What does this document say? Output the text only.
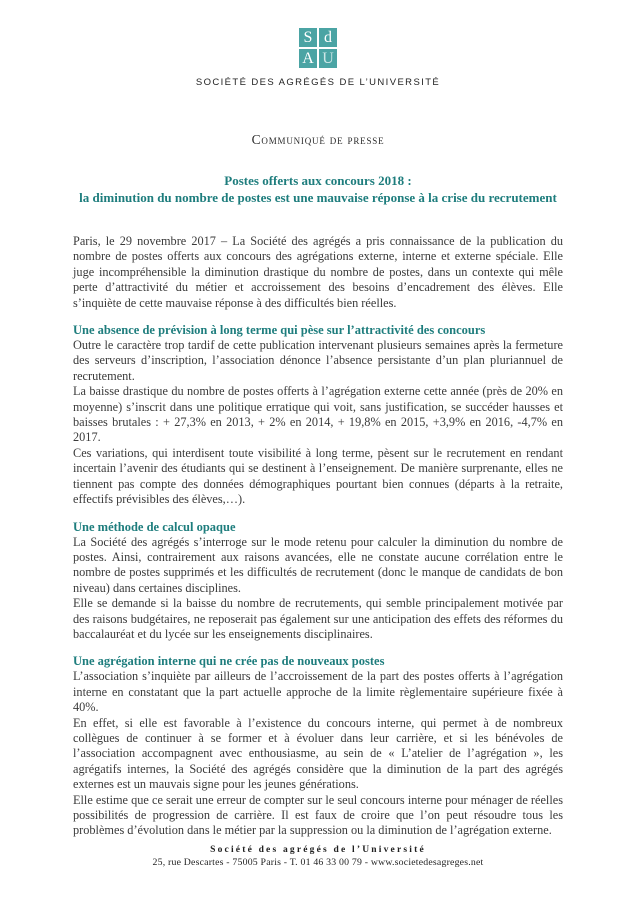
S d
A U
SOCIÉTÉ DES AGRÉGÉS DE L’UNIVERSITÉ
Communiqué de presse
Postes offerts aux concours 2018 :
la diminution du nombre de postes est une mauvaise réponse à la crise du recrutement

Paris, le 29 novembre 2017 – La Société des agrégés a pris connaissance de la publication du nombre de postes offerts aux concours des agrégations externe, interne et externe spéciale. Elle juge incompréhensible la diminution drastique du nombre de postes, dans un contexte qui mêle perte d’attractivité du métier et accroissement des besoins d’encadrement des élèves. Elle s’inquiète de cette mauvaise réponse à des difficultés bien réelles.

Une absence de prévision à long terme qui pèse sur l’attractivité des concours

Outre le caractère trop tardif de cette publication intervenant plusieurs semaines après la fermeture des serveurs d’inscription, l’association dénonce l’absence persistante d’un plan pluriannuel de recrutement.

La baisse drastique du nombre de postes offerts à l’agrégation externe cette année (près de 20% en moyenne) s’inscrit dans une politique erratique qui voit, sans justification, se succéder hausses et baisses brutales : + 27,3% en 2013, + 2% en 2014, + 19,8% en 2015, +3,9% en 2016, -4,7% en 2017.

Ces variations, qui interdisent toute visibilité à long terme, pèsent sur le recrutement en rendant incertain l’avenir des étudiants qui se destinent à l’enseignement. De manière surprenante, elles ne tiennent pas compte des données démographiques pourtant bien connues (départs à la retraite, effectifs prévisibles des élèves,…).

Une méthode de calcul opaque

La Société des agrégés s’interroge sur le mode retenu pour calculer la diminution du nombre de postes. Ainsi, contrairement aux raisons avancées, elle ne constate aucune corrélation entre le nombre de postes supprimés et les difficultés de recrutement (donc le manque de candidats de bon niveau) dans certaines disciplines.

Elle se demande si la baisse du nombre de recrutements, qui semble principalement motivée par des raisons budgétaires, ne reposerait pas également sur une anticipation des effets des réformes du baccalauréat et du lycée sur les enseignements disciplinaires.

Une agrégation interne qui ne crée pas de nouveaux postes

L’association s’inquiète par ailleurs de l’accroissement de la part des postes offerts à l’agrégation interne en constatant que la part actuelle approche de la limite règlementaire supérieure fixée à 40%.

En effet, si elle est favorable à l’existence du concours interne, qui permet à de nombreux collègues de continuer à se former et à évoluer dans leur carrière, et si les bénévoles de l’association accompagnent avec enthousiasme, au sein de « L’atelier de l’agrégation », les agrégatifs internes, la Société des agrégés considère que la diminution de la part des agrégés externes est un mauvais signe pour les jeunes générations.

Elle estime que ce serait une erreur de compter sur le seul concours interne pour ménager de réelles possibilités de progression de carrière. Il est faux de croire que l’on peut résoudre tous les problèmes d’évolution dans le métier par la suppression ou la diminution de l’agrégation externe.

Société des agrégés de l’Université
25, rue Descartes - 75005 Paris - T. 01 46 33 00 79 - www.societedesagreges.net
